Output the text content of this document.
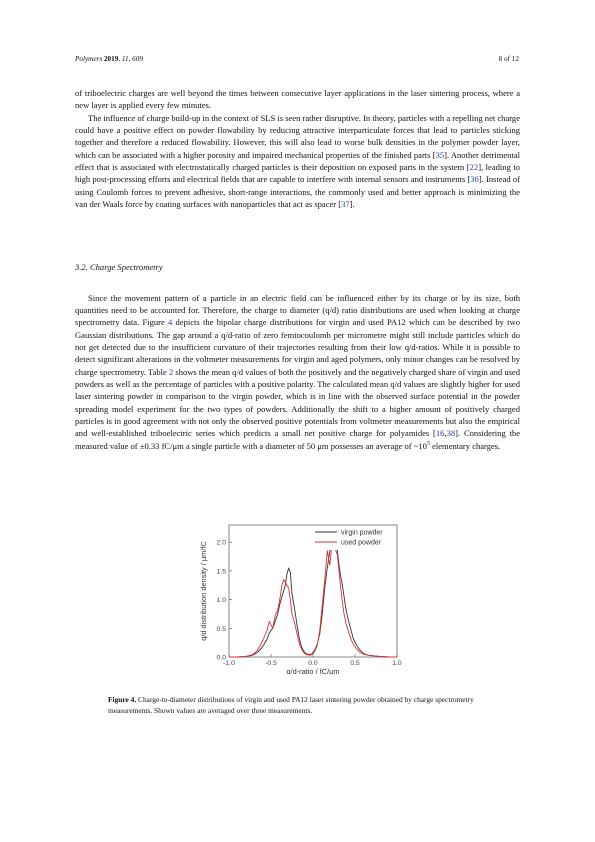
Polymers 2019, 11, 609	8 of 12

of triboelectric charges are well beyond the times between consecutive layer applications in the laser sintering process, where a new layer is applied every few minutes.

The influence of charge build-up in the context of SLS is seen rather disruptive. In theory, particles with a repelling net charge could have a positive effect on powder flowability by reducing attractive interparticulate forces that lead to particles sticking together and therefore a reduced flowability. However, this will also lead to worse bulk densities in the polymer powder layer, which can be associated with a higher porosity and impaired mechanical properties of the finished parts [35]. Another detrimental effect that is associated with electrostatically charged particles is their deposition on exposed parts in the system [22], leading to high post-processing efforts and electrical fields that are capable to interfere with internal sensors and instruments [36]. Instead of using Coulomb forces to prevent adhesive, short-range interactions, the commonly used and better approach is minimizing the van der Waals force by coating surfaces with nanoparticles that act as spacer [37].

3.2. Charge Spectrometry

Since the movement pattern of a particle in an electric field can be influenced either by its charge or by its size, both quantities need to be accounted for. Therefore, the charge to diameter (q/d) ratio distributions are used when looking at charge spectrometry data. Figure 4 depicts the bipolar charge distributions for virgin and used PA12 which can be described by two Gaussian distributions. The gap around a q/d-ratio of zero femtocoulomb per micrometre might still include particles which do not get detected due to the insufficient curvature of their trajectories resulting from their low q/d-ratios. While it is possible to detect significant alterations in the voltmeter measurements for virgin and aged polymers, only minor changes can be resolved by charge spectrometry. Table 2 shows the mean q/d values of both the positively and the negatively charged share of virgin and used powders as well as the percentage of particles with a positive polarity. The calculated mean q/d values are slightly higher for used laser sintering powder in comparison to the virgin powder, which is in line with the observed surface potential in the powder spreading model experiment for the two types of powders. Additionally the shift to a higher amount of positively charged particles is in good agreement with not only the observed positive potentials from voltmeter measurements but also the empirical and well-established triboelectric series which predicts a small net positive charge for polyamides [16,38]. Considering the measured value of ±0.33 fC/μm a single particle with a diameter of 50 μm possesses an average of $\sim 10^5$ elementary charges.

0.0
0.5
1.0
1.5
2.0
-1.0	-0.5	0.0	0.5	1.0
q/d-ratio / fC/μm
q/d distribution density / μm/fC
virgin powder
used powder
Figure 4. Charge-to-diameter distributions of virgin and used PA12 laser sintering powder obtained by charge spectrometry measurements. Shown values are averaged over three measurements.
